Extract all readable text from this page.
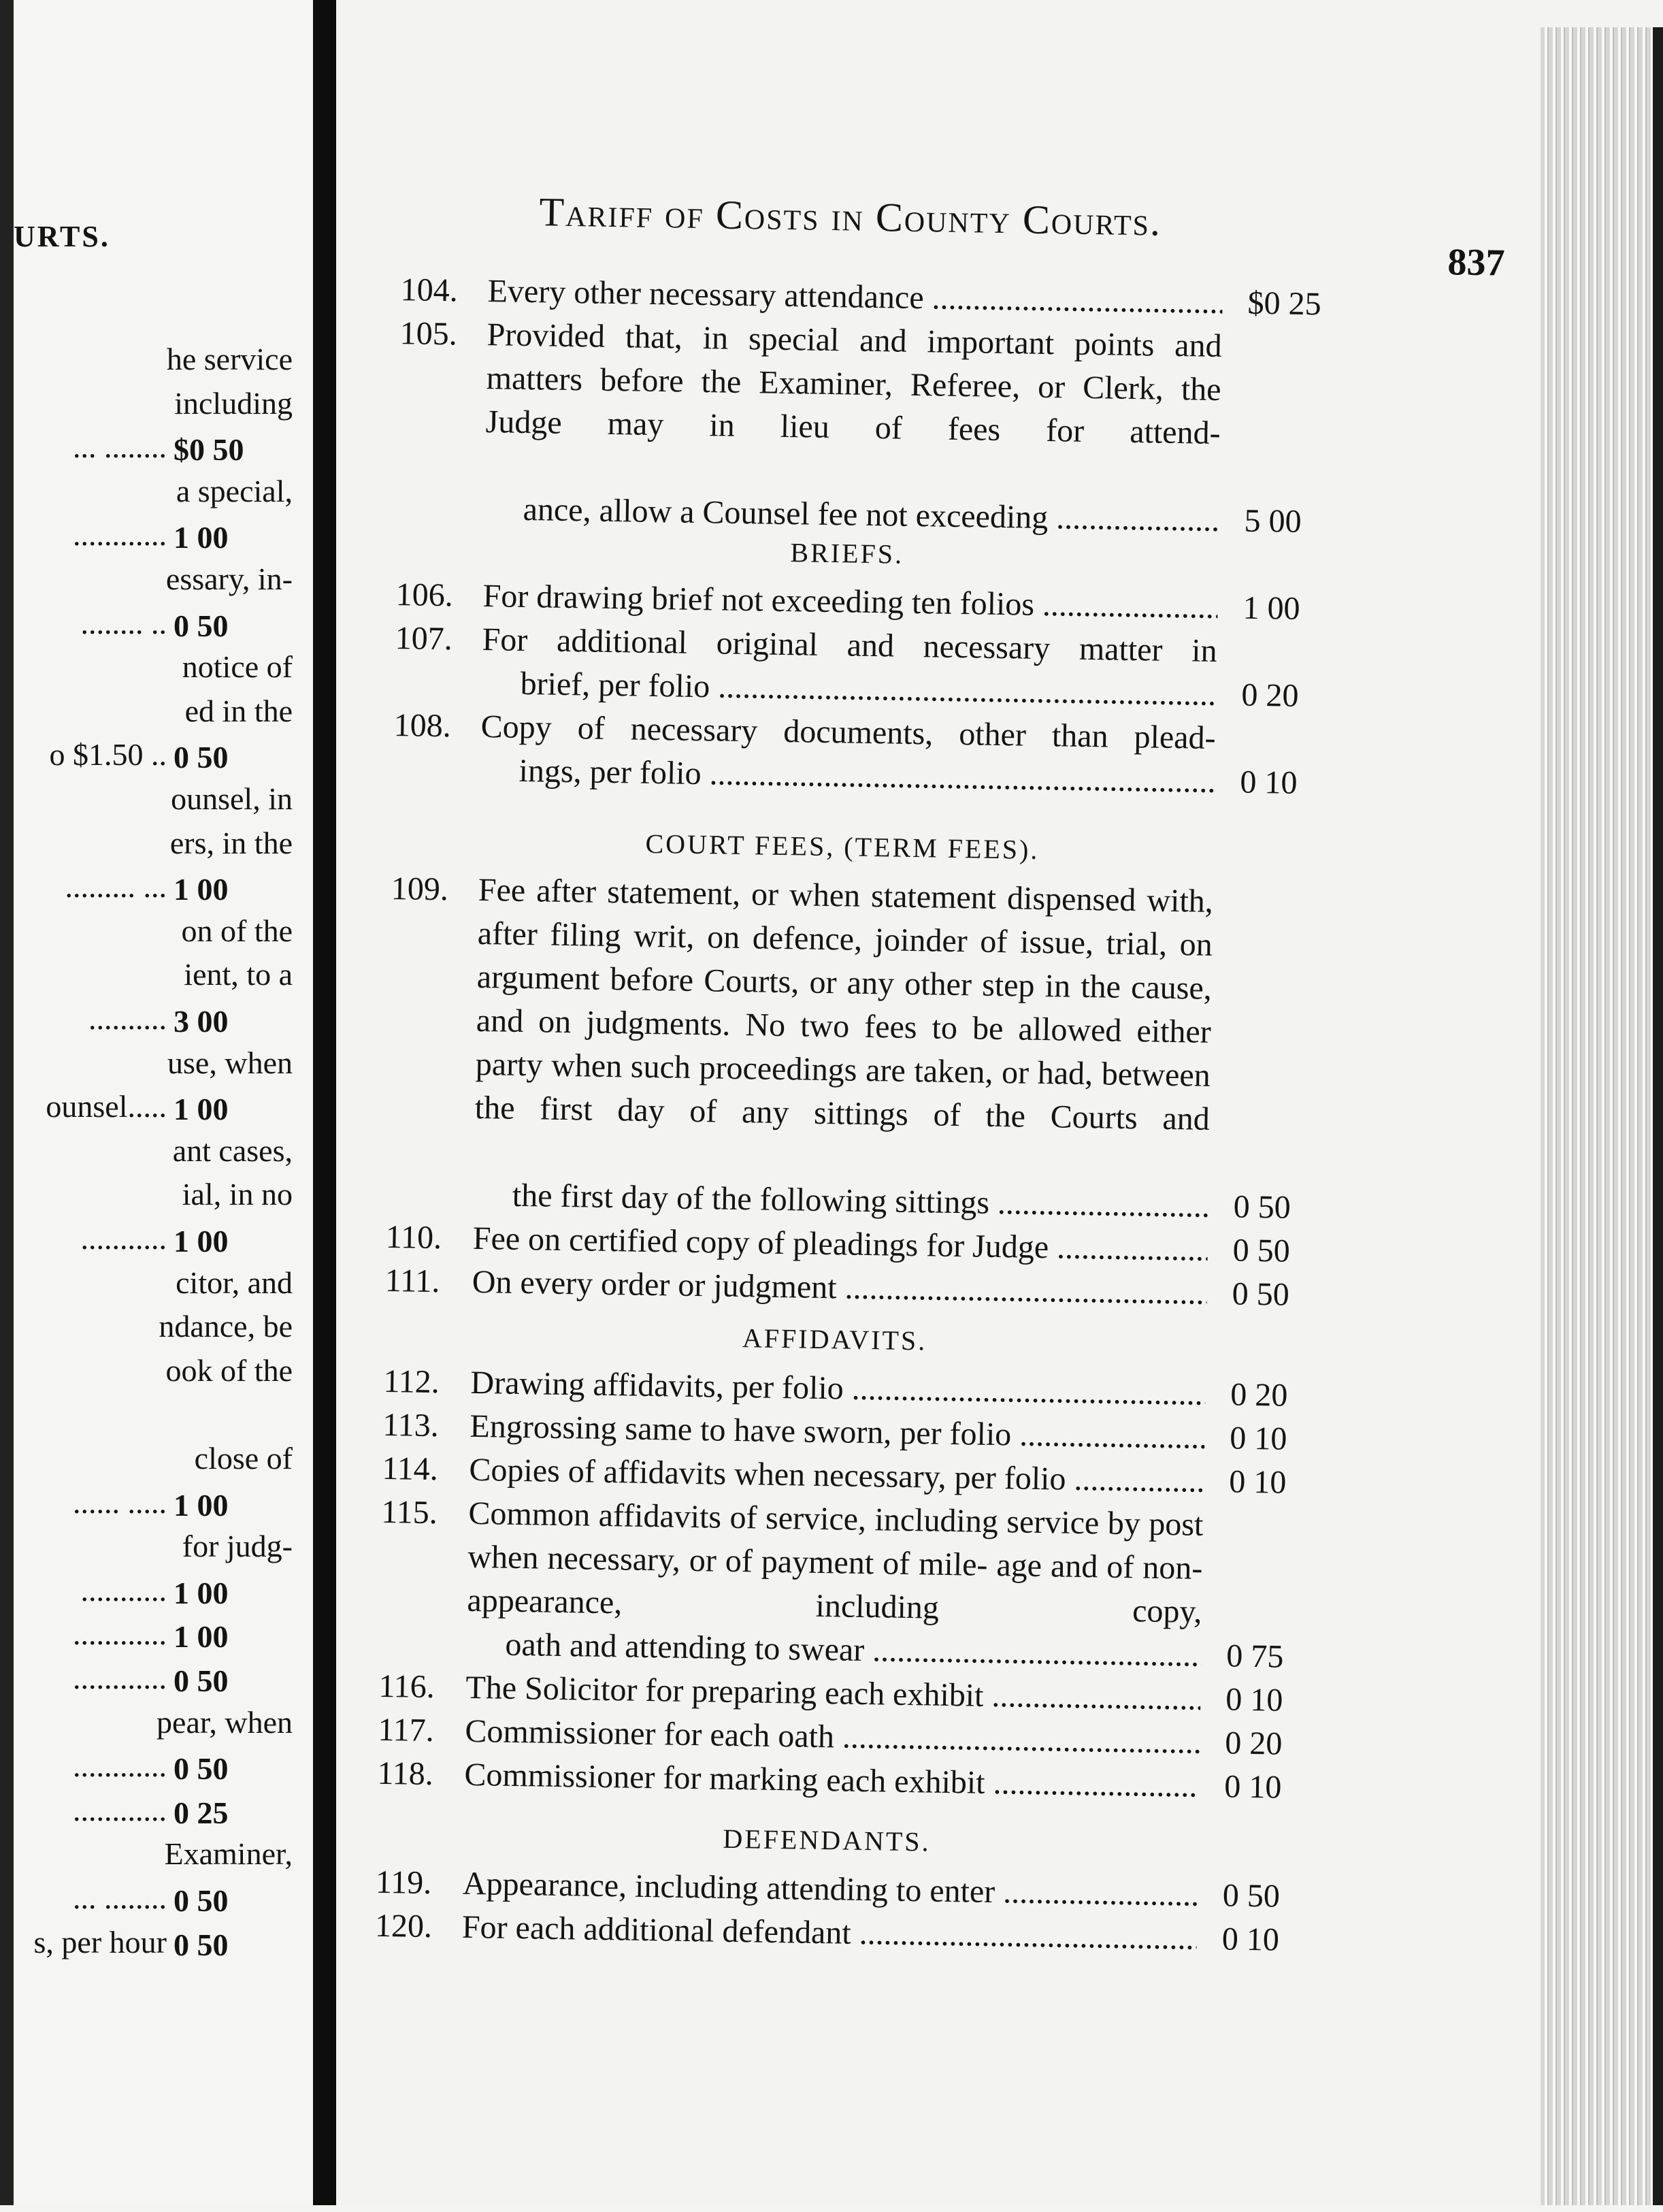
URTS.
he service
including
... ........ $0 50
a special,
............ 1 00
essary, in-
........ .. 0 50
notice of
ed in the
o $1.50 .. 0 50
ounsel, in
ers, in the
......... ... 1 00
on of the
ient, to a
.......... 3 00
use, when
ounsel..... 1 00
ant cases,
ial, in no
........... 1 00
citor, and
ndance, be
ook of the
close of
...... ..... 1 00
for judg-
........... 1 00
............ 1 00
............ 0 50
pear, when
............ 0 50
............ 0 25
Examiner,
... ........ 0 50
s, per hour 0 50
Tariff of Costs in County Courts.
837
104. Every other necessary attendance .....	$0 25
105. Provided that, in special and important points and matters before the Examiner, Referee, or Clerk, the Judge may in lieu of fees for attend-
ance, allow a Counsel fee not exceeding .....	5 00
BRIEFS.
106. For drawing brief not exceeding ten folios .....	1 00
107. For additional original and necessary matter in
brief, per folio .....	0 20
108. Copy of necessary documents, other than plead-
ings, per folio .....	0 10
COURT FEES, (TERM FEES).
109. Fee after statement, or when statement dispensed with, after filing writ, on defence, joinder of issue, trial, on argument before Courts, or any other step in the cause, and on judgments. No two fees to be allowed either party when such proceedings are taken, or had, between the first day of any sittings of the Courts and
the first day of the following sittings .....	0 50
110. Fee on certified copy of pleadings for Judge .....	0 50
111. On every order or judgment .....	0 50
AFFIDAVITS.
112. Drawing affidavits, per folio .....	0 20
113. Engrossing same to have sworn, per folio .....	0 10
114. Copies of affidavits when necessary, per folio .....	0 10
115. Common affidavits of service, including service by post when necessary, or of payment of mile- age and of non-appearance, including copy,
oath and attending to swear .....	0 75
116. The Solicitor for preparing each exhibit .....	0 10
117. Commissioner for each oath .....	0 20
118. Commissioner for marking each exhibit .....	0 10
DEFENDANTS.
119. Appearance, including attending to enter .....	0 50
120. For each additional defendant .....	0 10
